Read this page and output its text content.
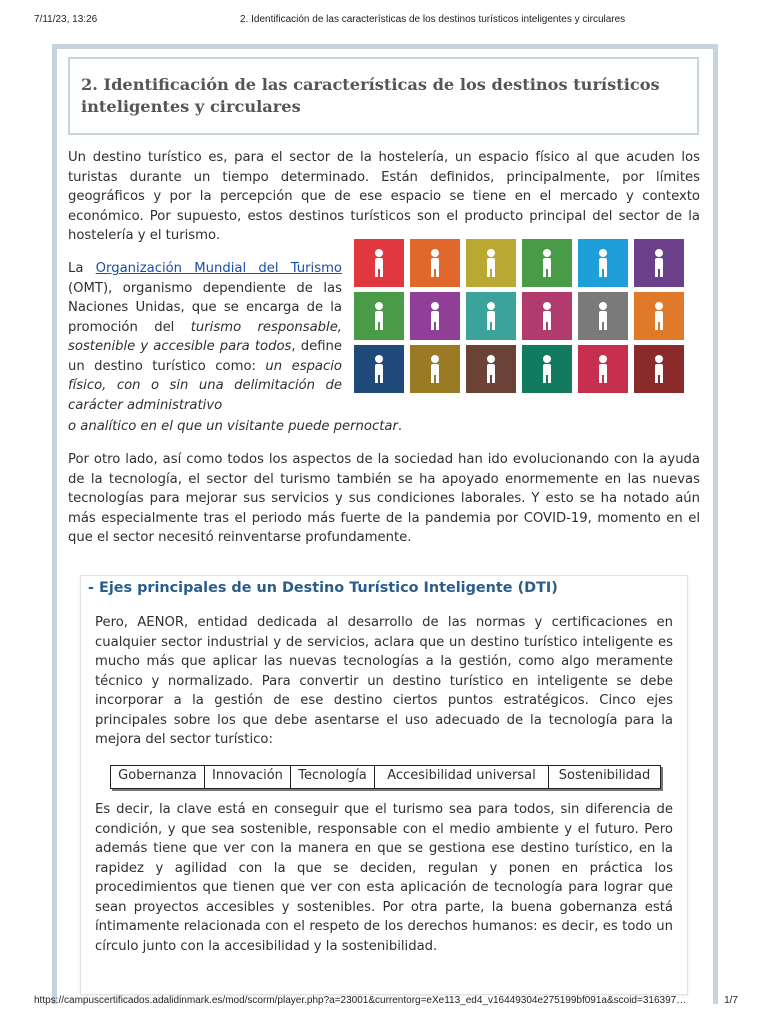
7/11/23, 13:26	2. Identificación de las características de los destinos turísticos inteligentes y circulares
2. Identificación de las características de los destinos turísticos inteligentes y circulares

Un destino turístico es, para el sector de la hostelería, un espacio físico al que acuden los turistas durante un tiempo determinado. Están definidos, principalmente, por límites geográficos y por la percepción que de ese espacio se tiene en el mercado y contexto económico. Por supuesto, estos destinos turísticos son el producto principal del sector de la hostelería y el turismo.

La Organización Mundial del Turismo (OMT), organismo dependiente de las Naciones Unidas, que se encarga de la promoción del turismo responsable, sostenible y accesible para todos, define un destino turístico como: un espacio físico, con o sin una delimitación de carácter administrativo

o analítico en el que un visitante puede pernoctar.

Por otro lado, así como todos los aspectos de la sociedad han ido evolucionando con la ayuda de la tecnología, el sector del turismo también se ha apoyado enormemente en las nuevas tecnologías para mejorar sus servicios y sus condiciones laborales. Y esto se ha notado aún más especialmente tras el periodo más fuerte de la pandemia por COVID-19, momento en el que el sector necesitó reinventarse profundamente.

- Ejes principales de un Destino Turístico Inteligente (DTI)

Pero, AENOR, entidad dedicada al desarrollo de las normas y certificaciones en cualquier sector industrial y de servicios, aclara que un destino turístico inteligente es mucho más que aplicar las nuevas tecnologías a la gestión, como algo meramente técnico y normalizado. Para convertir un destino turístico en inteligente se debe incorporar a la gestión de ese destino ciertos puntos estratégicos. Cinco ejes principales sobre los que debe asentarse el uso adecuado de la tecnología para la mejora del sector turístico:

Gobernanza	Innovación	Tecnología	Accesibilidad universal	Sostenibilidad

Es decir, la clave está en conseguir que el turismo sea para todos, sin diferencia de condición, y que sea sostenible, responsable con el medio ambiente y el futuro. Pero además tiene que ver con la manera en que se gestiona ese destino turístico, en la rapidez y agilidad con la que se deciden, regulan y ponen en práctica los procedimientos que tienen que ver con esta aplicación de tecnología para lograr que sean proyectos accesibles y sostenibles. Por otra parte, la buena gobernanza está íntimamente relacionada con el respeto de los derechos humanos: es decir, es todo un círculo junto con la accesibilidad y la sostenibilidad.

https://campuscertificados.adalidinmark.es/mod/scorm/player.php?a=23001&currentorg=eXe113_ed4_v16449304e275199bf091a&scoid=316397…	1/7
